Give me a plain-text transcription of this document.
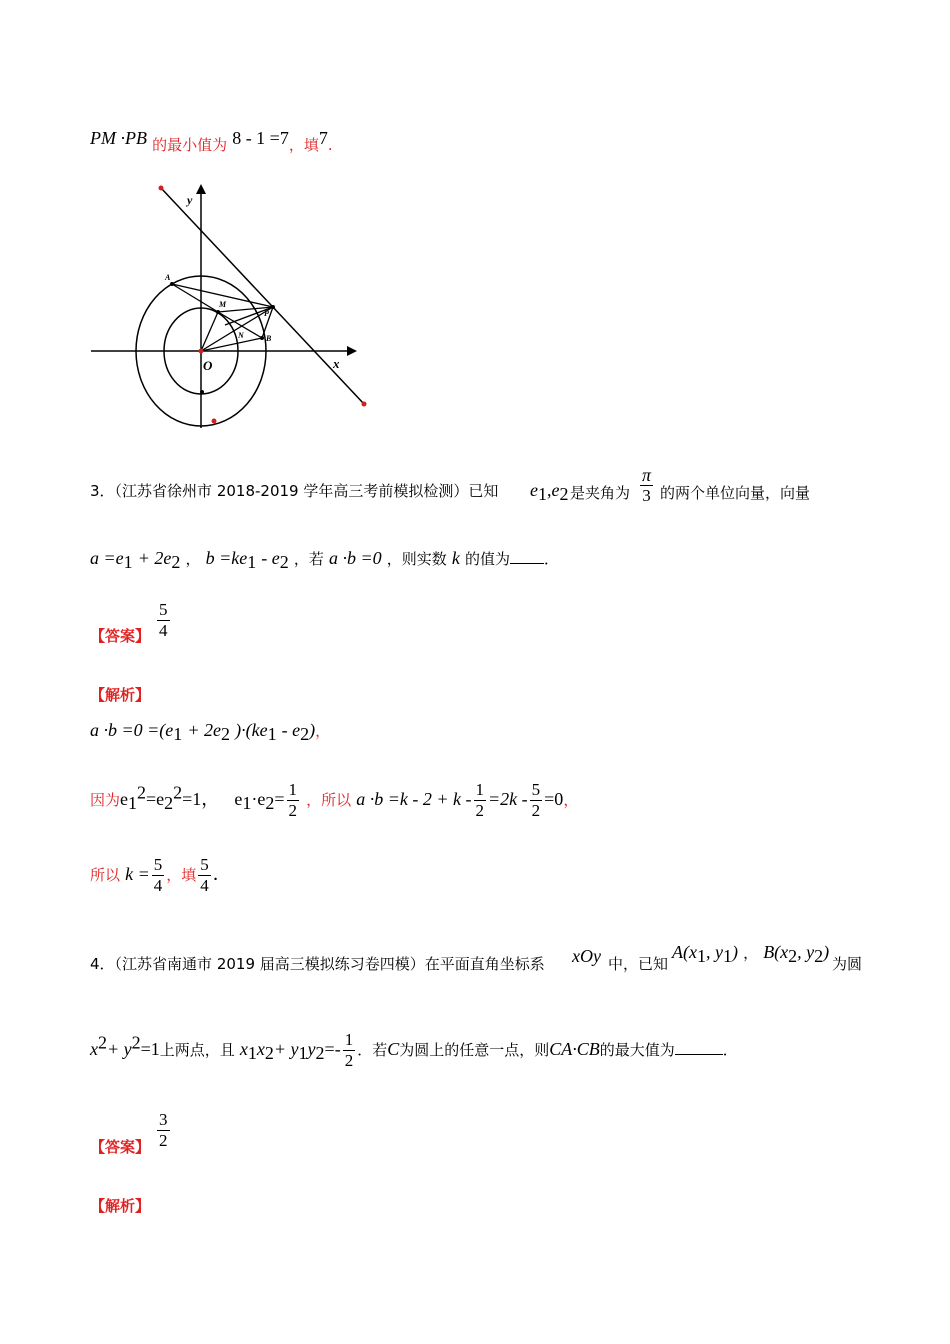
PM ·PB 的最小值为 8 - 1 =7，填7.
y
x
O
A
M
N	B
P
3．（江苏省徐州市 2018-2019 学年高三考前模拟检测）已知 $e_1,e_2$ 是夹角为 $\frac{\pi}{3}$ 的两个单位向量，向量
$a =e_1 + 2e_2$ ， $b =ke_1 - e_2$ ，若 a ·b =0 ，则实数 k 的值为 ．
【答案】 $\frac{5}{4}$
【解析】
$a \cdot b =0 =(e_1 + 2e_2$ )$\cdot(ke_1 - e_2)$，
因为$e_1^2=e_2^2=1$， $e_1\cdot e_2= \frac{1}{2}$ ，所以 $a \cdot b =k - 2 + k - \frac{1}{2} =2k - \frac{5}{2} =0$，
所以 $k = \frac{5}{4}$ ，填 $\frac{5}{4}$ ．
4．（江苏省南通市 2019 届高三模拟练习卷四模）在平面直角坐标系 xOy 中，已知
$A(x_1$, $y_1$) ， $B(x_2$, $y_2$)
为圆
$x^2+ y^2=1$上两点，且 $x_1x_2+ y_1y_2=- \frac{1}{2}$ ．若C为圆上的任意一点，则CA·CB的最大值为	．
【答案】 $\frac{3}{2}$
【解析】
